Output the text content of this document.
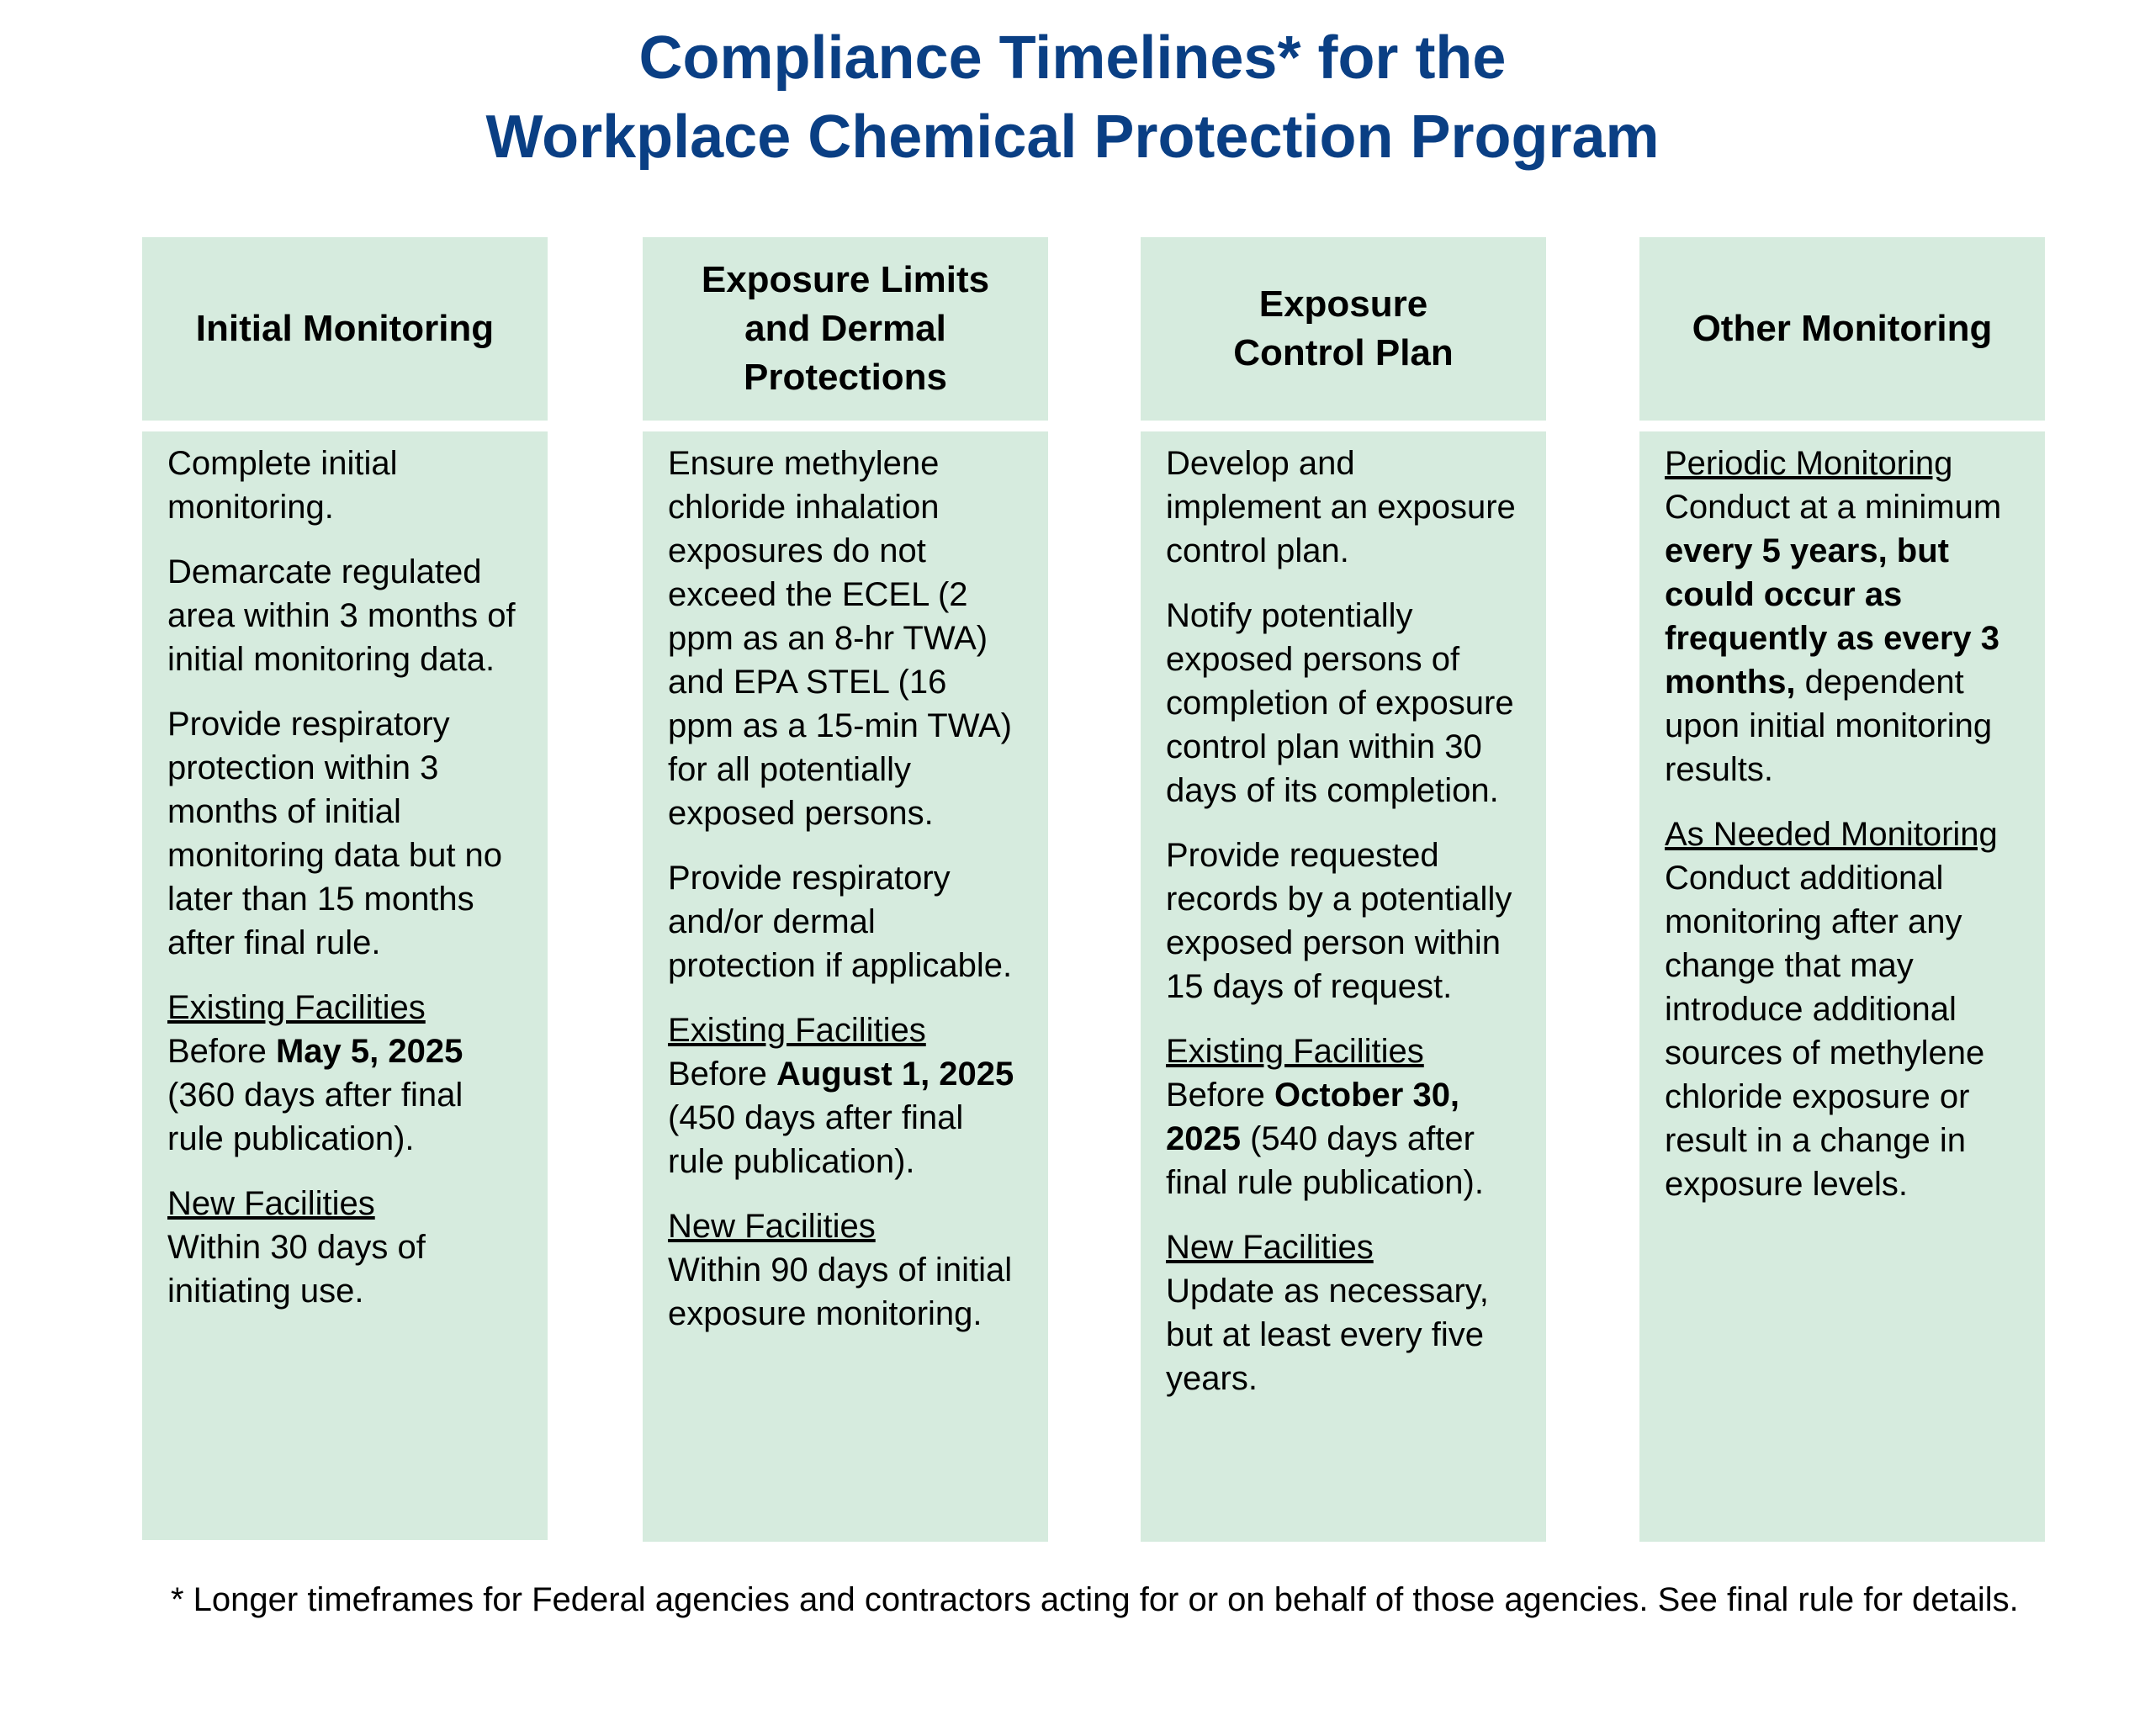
Compliance Timelines* for the
Workplace Chemical Protection Program
Initial Monitoring

Complete initial monitoring.

Demarcate regulated area within 3 months of initial monitoring data.

Provide respiratory protection within 3 months of initial monitoring data but no later than 15 months after final rule.

Existing Facilities
Before May 5, 2025 (360 days after final rule publication).
New Facilities
Within 30 days of initiating use.
Exposure Limits
and Dermal
Protections

Ensure methylene chloride inhalation exposures do not exceed the ECEL (2 ppm as an 8-hr TWA) and EPA STEL (16 ppm as a 15-min TWA) for all potentially exposed persons.

Provide respiratory and/or dermal protection if applicable.

Existing Facilities
Before August 1, 2025 (450 days after final rule publication).
New Facilities
Within 90 days of initial exposure monitoring.
Exposure
Control Plan

Develop and implement an exposure control plan.

Notify potentially exposed persons of completion of exposure control plan within 30 days of its completion.

Provide requested records by a potentially exposed person within 15 days of request.

Existing Facilities
Before October 30, 2025 (540 days after final rule publication).
New Facilities
Update as necessary, but at least every five years.
Other Monitoring
Periodic Monitoring
Conduct at a minimum every 5 years, but could occur as frequently as every 3 months, dependent upon initial monitoring results.
As Needed Monitoring
Conduct additional monitoring after any change that may introduce additional sources of methylene chloride exposure or result in a change in exposure levels.
* Longer timeframes for Federal agencies and contractors acting for or on behalf of those agencies. See final rule for details.
